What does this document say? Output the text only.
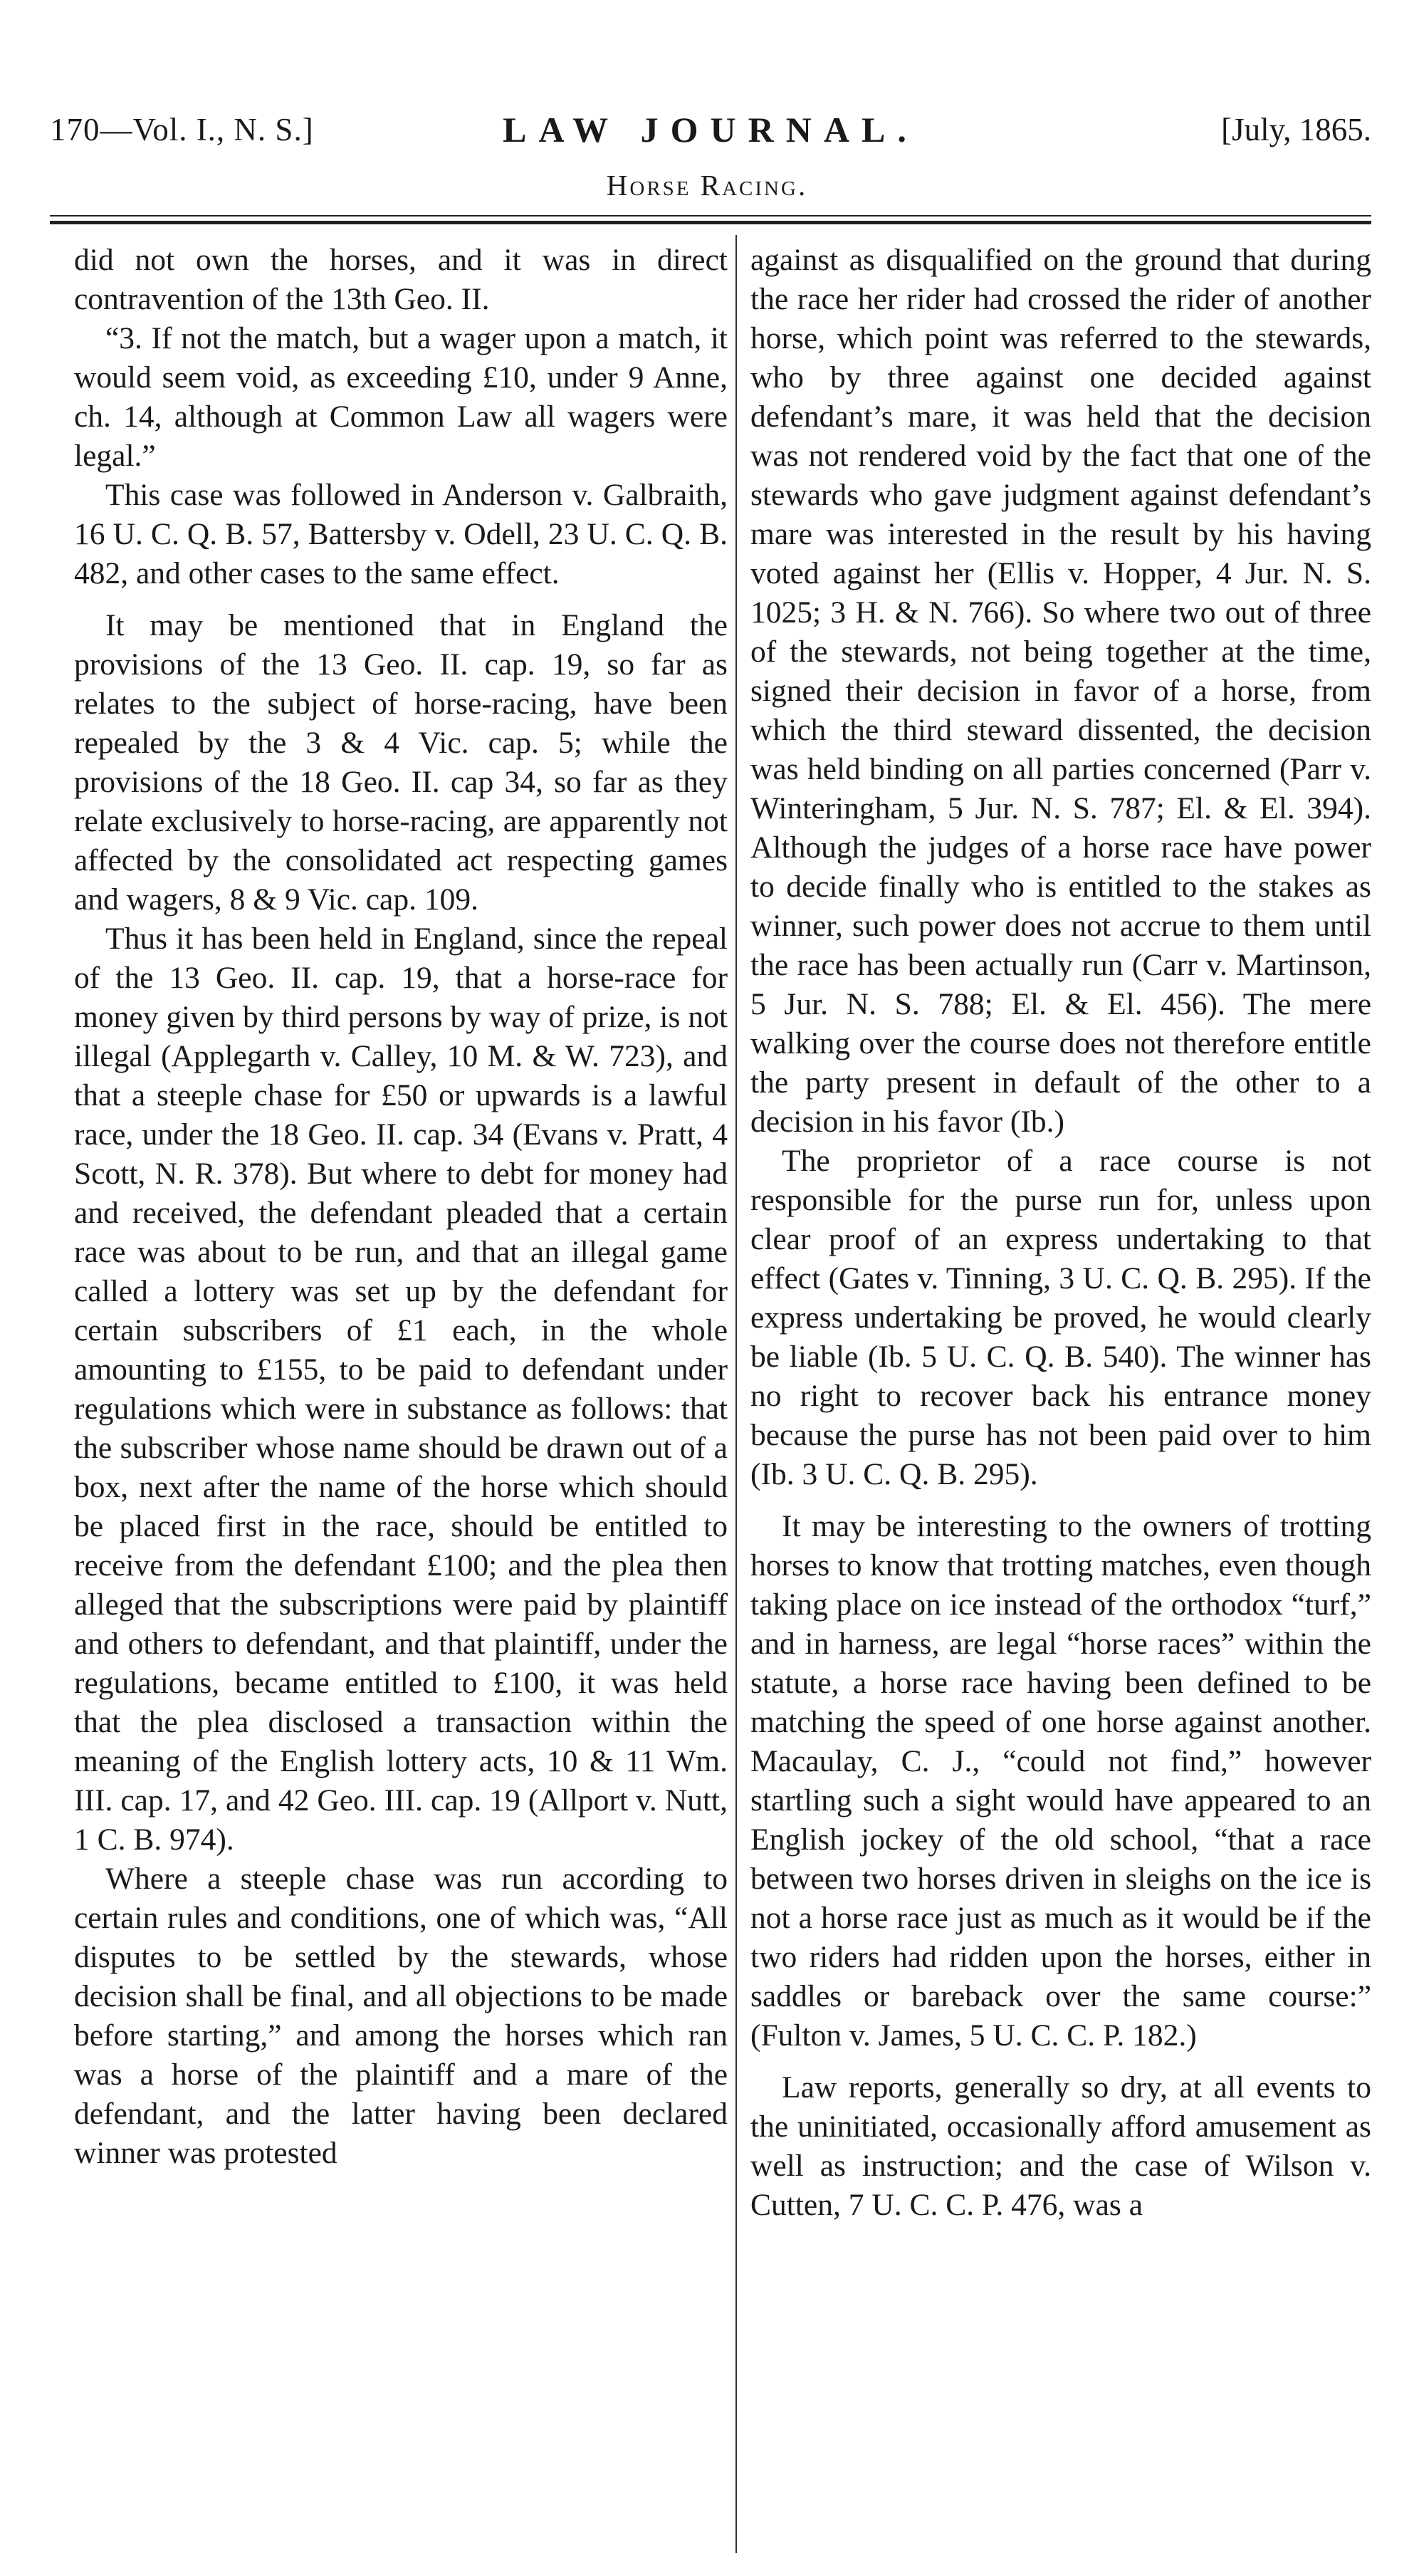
170—Vol. I., N. S.]	LAW JOURNAL.	[July, 1865.
Horse Racing.

did not own the horses, and it was in direct contravention of the 13th Geo. II.

“3. If not the match, but a wager upon a match, it would seem void, as exceeding £10, under 9 Anne, ch. 14, although at Common Law all wagers were legal.”

This case was followed in Anderson v. Galbraith, 16 U. C. Q. B. 57, Battersby v. Odell, 23 U. C. Q. B. 482, and other cases to the same effect.

It may be mentioned that in England the provisions of the 13 Geo. II. cap. 19, so far as relates to the subject of horse-racing, have been repealed by the 3 & 4 Vic. cap. 5; while the provisions of the 18 Geo. II. cap 34, so far as they relate exclusively to horse-racing, are apparently not affected by the consolidated act respecting games and wagers, 8 & 9 Vic. cap. 109.

Thus it has been held in England, since the repeal of the 13 Geo. II. cap. 19, that a horse-race for money given by third persons by way of prize, is not illegal (Applegarth v. Calley, 10 M. & W. 723), and that a steeple chase for £50 or upwards is a lawful race, under the 18 Geo. II. cap. 34 (Evans v. Pratt, 4 Scott, N. R. 378). But where to debt for money had and received, the defendant pleaded that a certain race was about to be run, and that an illegal game called a lottery was set up by the defendant for certain subscribers of £1 each, in the whole amounting to £155, to be paid to defendant under regulations which were in substance as follows: that the subscriber whose name should be drawn out of a box, next after the name of the horse which should be placed first in the race, should be entitled to receive from the defendant £100; and the plea then alleged that the subscriptions were paid by plaintiff and others to defendant, and that plaintiff, under the regulations, became entitled to £100, it was held that the plea disclosed a transaction within the meaning of the English lottery acts, 10 & 11 Wm. III. cap. 17, and 42 Geo. III. cap. 19 (Allport v. Nutt, 1 C. B. 974).

Where a steeple chase was run according to certain rules and conditions, one of which was, “All disputes to be settled by the stewards, whose decision shall be final, and all objections to be made before starting,” and among the horses which ran was a horse of the plaintiff and a mare of the defendant, and the latter having been declared winner was protested

against as disqualified on the ground that during the race her rider had crossed the rider of another horse, which point was referred to the stewards, who by three against one decided against defendant’s mare, it was held that the decision was not rendered void by the fact that one of the stewards who gave judgment against defendant’s mare was interested in the result by his having voted against her (Ellis v. Hopper, 4 Jur. N. S. 1025; 3 H. & N. 766). So where two out of three of the stewards, not being together at the time, signed their decision in favor of a horse, from which the third steward dissented, the decision was held binding on all parties concerned (Parr v. Winteringham, 5 Jur. N. S. 787; El. & El. 394). Although the judges of a horse race have power to decide finally who is entitled to the stakes as winner, such power does not accrue to them until the race has been actually run (Carr v. Martinson, 5 Jur. N. S. 788; El. & El. 456). The mere walking over the course does not therefore entitle the party present in default of the other to a decision in his favor (Ib.)

The proprietor of a race course is not responsible for the purse run for, unless upon clear proof of an express undertaking to that effect (Gates v. Tinning, 3 U. C. Q. B. 295). If the express undertaking be proved, he would clearly be liable (Ib. 5 U. C. Q. B. 540). The winner has no right to recover back his entrance money because the purse has not been paid over to him (Ib. 3 U. C. Q. B. 295).

It may be interesting to the owners of trotting horses to know that trotting matches, even though taking place on ice instead of the orthodox “turf,” and in harness, are legal “horse races” within the statute, a horse race having been defined to be matching the speed of one horse against another. Macaulay, C. J., “could not find,” however startling such a sight would have appeared to an English jockey of the old school, “that a race between two horses driven in sleighs on the ice is not a horse race just as much as it would be if the two riders had ridden upon the horses, either in saddles or bareback over the same course:” (Fulton v. James, 5 U. C. C. P. 182.)

Law reports, generally so dry, at all events to the uninitiated, occasionally afford amusement as well as instruction; and the case of Wilson v. Cutten, 7 U. C. C. P. 476, was a
